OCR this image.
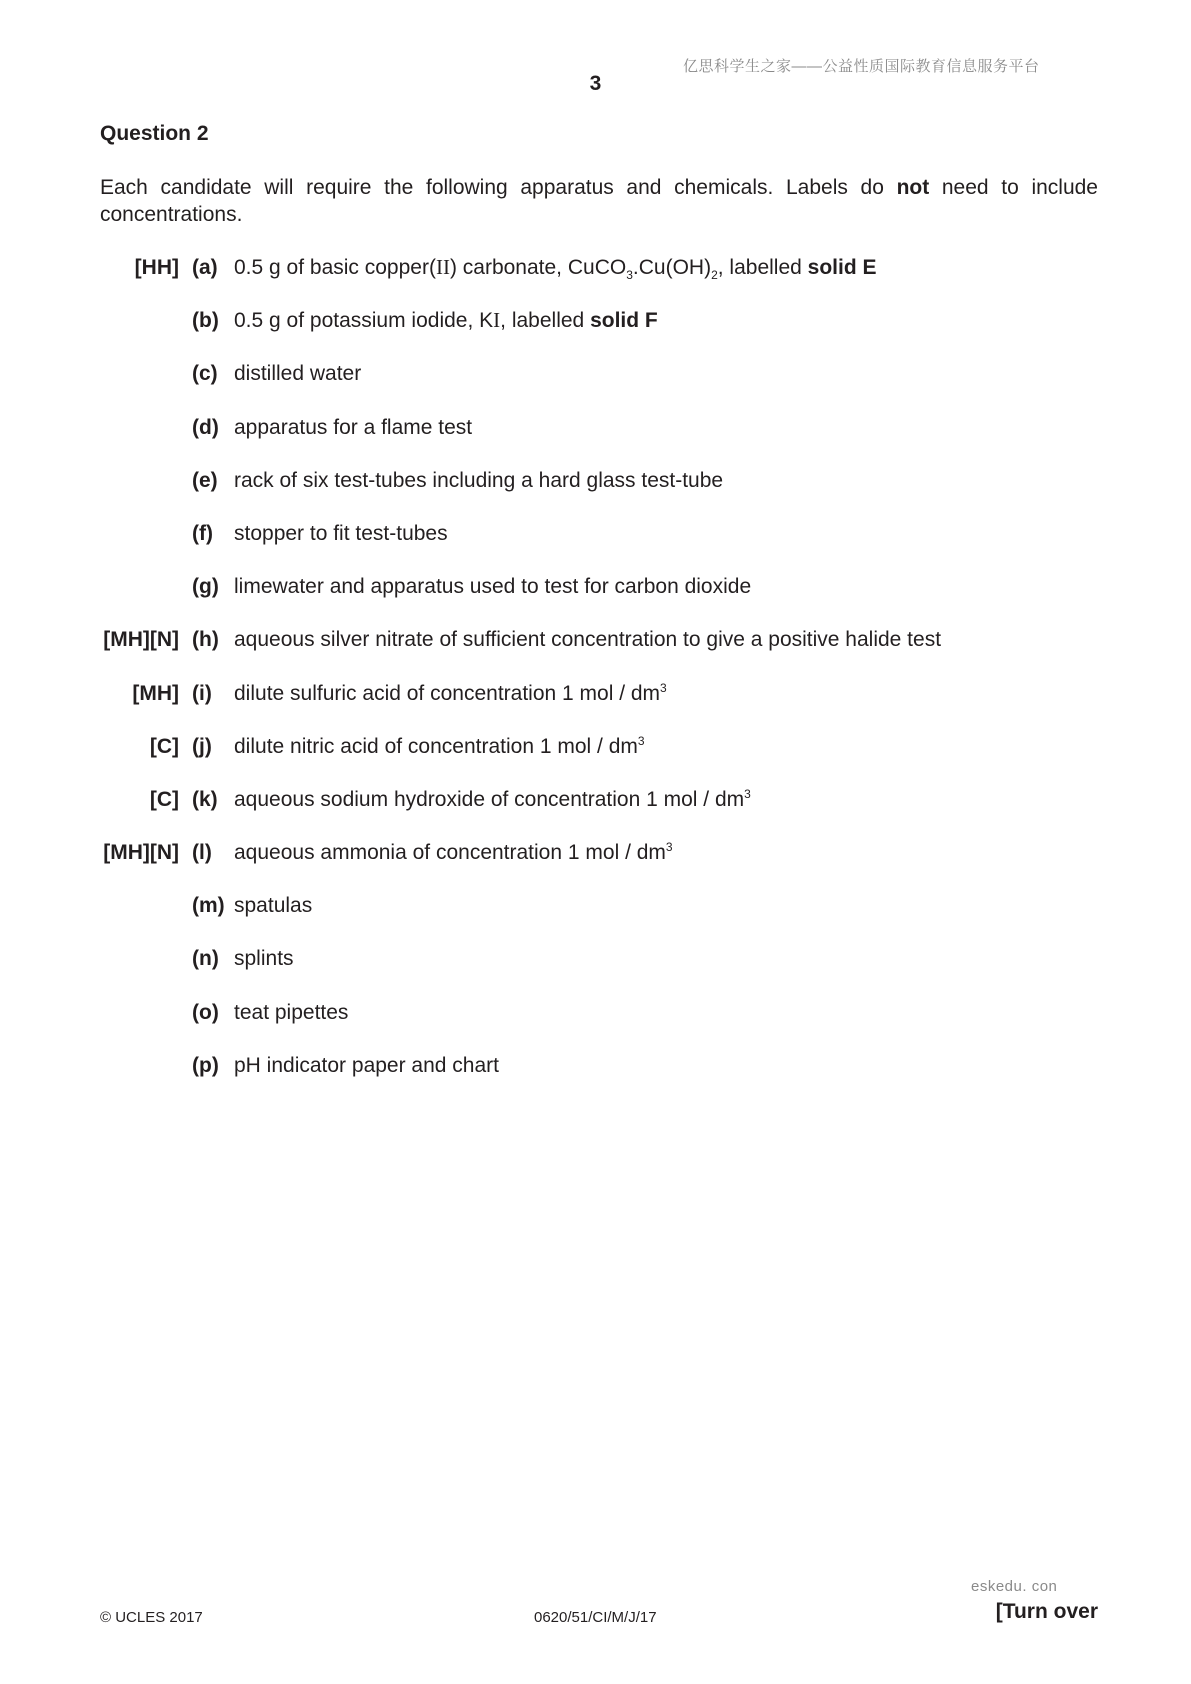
亿思科学生之家——公益性质国际教育信息服务平台
3
Question 2
Each candidate will require the following apparatus and chemicals. Labels do not need to include concentrations.
[HH] (a) 0.5 g of basic copper(II) carbonate, $CuCO_3.Cu(OH)_2$, labelled solid E
(b) 0.5 g of potassium iodide, KI, labelled solid F
(c) distilled water
(d) apparatus for a flame test
(e) rack of six test-tubes including a hard glass test-tube
(f) stopper to fit test-tubes
(g) limewater and apparatus used to test for carbon dioxide
[MH][N] (h) aqueous silver nitrate of sufficient concentration to give a positive halide test
[MH] (i) dilute sulfuric acid of concentration 1 mol / $dm^3$
[C] (j) dilute nitric acid of concentration 1 mol / $dm^3$
[C] (k) aqueous sodium hydroxide of concentration 1 mol / $dm^3$
[MH][N] (l) aqueous ammonia of concentration 1 mol / $dm^3$
(m) spatulas
(n) splints
(o) teat pipettes
(p) pH indicator paper and chart
© UCLES 2017	0620/51/CI/M/J/17
eskedu. con
[Turn over
